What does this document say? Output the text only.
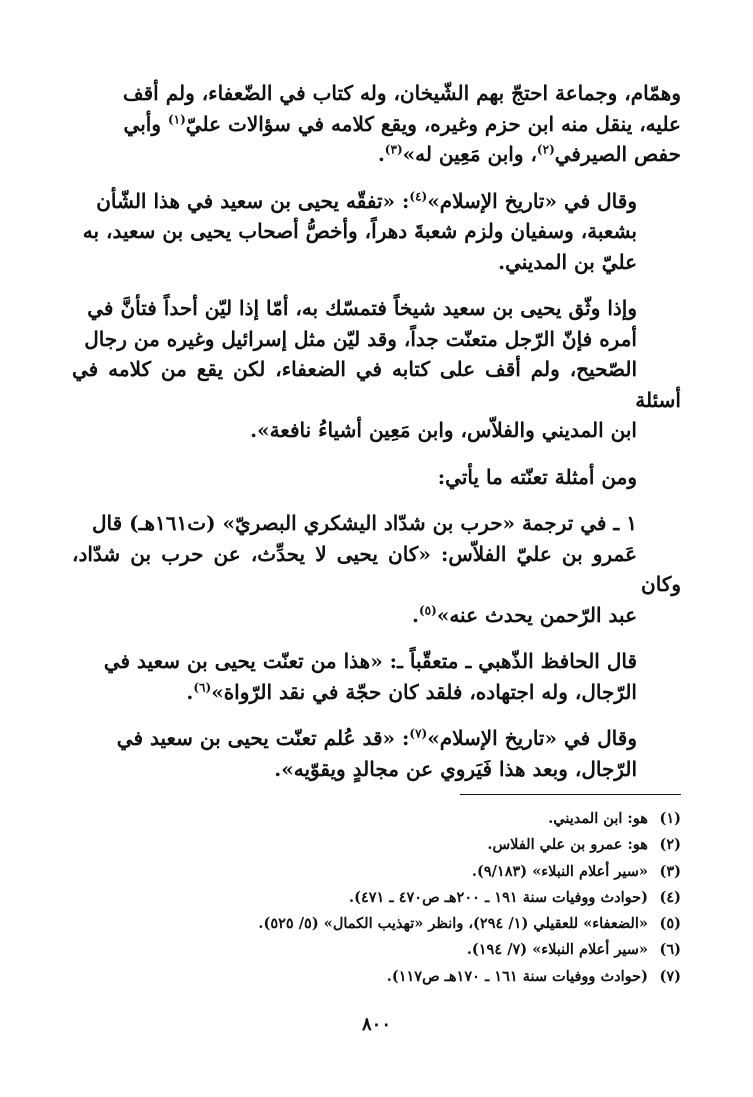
وهمّام، وجماعة احتجّ بهم الشّيخان، وله كتاب في الضّعفاء، ولم أقف
عليه، ينقل منه ابن حزم وغيره، ويقع كلامه في سؤالات عليّ$^{(١)}$ وأبي
حفص الصيرفي$^{(٢)}$، وابن مَعِين له»$^{(٣)}$.

وقال في «تاريخ الإسلام»$^{(٤)}$: «تفقّه يحيى بن سعيد في هذا الشّأن
بشعبة، وسفيان ولزم شعبةَ دهراً، وأخصُّ أصحاب يحيى بن سعيد، به
عليّ بن المديني.

وإذا وثّق يحيى بن سعيد شيخاً فتمسّك به، أمّا إذا ليّن أحداً فتأنَّ في
أمره فإنّ الرّجل متعنّت جداً، وقد ليّن مثل إسرائيل وغيره من رجال
الصّحيح، ولم أقف على كتابه في الضعفاء، لكن يقع من كلامه في أسئلة
ابن المديني والفلاّس، وابن مَعِين أشياءُ نافعة».

ومن أمثلة تعنّته ما يأتي:

١ ـ في ترجمة «حرب بن شدّاد اليشكري البصريّ» (ت١٦١هـ) قال
عَمرو بن عليّ الفلاّس: «كان يحيى لا يحدِّث، عن حرب بن شدّاد، وكان
عبد الرّحمن يحدث عنه»$^{(٥)}$.

قال الحافظ الذّهبي ـ متعقّباً ـ: «هذا من تعنّت يحيى بن سعيد في
الرّجال، وله اجتهاده، فلقد كان حجّة في نقد الرّواة»$^{(٦)}$.

وقال في «تاريخ الإسلام»$^{(٧)}$: «قد عُلم تعنّت يحيى بن سعيد في
الرّجال، وبعد هذا فَيَروي عن مجالدٍ ويقوّيه».

(١) هو: ابن المديني.
(٢) هو: عمرو بن علي الفلاس.
(٣) «سير أعلام النبلاء» (٩/١٨٣).
(٤) (حوادث ووفيات سنة ١٩١ ـ ٢٠٠هـ ص٤٧٠ ـ ٤٧١).
(٥) «الضعفاء» للعقيلي (١/ ٢٩٤)، وانظر «تهذيب الكمال» (٥/ ٥٢٥).
(٦) «سير أعلام النبلاء» (٧/ ١٩٤).
(٧) (حوادث ووفيات سنة ١٦١ ـ ١٧٠هـ ص١١٧).
٨٠٠
